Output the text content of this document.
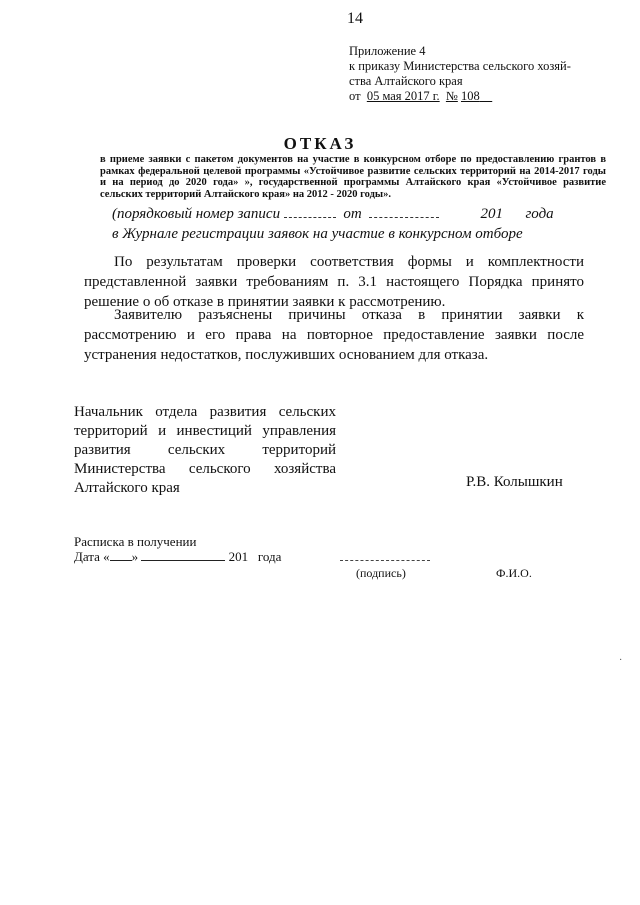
14
Приложение 4
к приказу Министерства сельского хозяй-
ства Алтайского края
от 05 мая 2017 г. № 108
ОТКАЗ
в приеме заявки с пакетом документов на участие в конкурсном отборе по предоставлению грантов в рамках федеральной целевой программы «Устойчивое развитие сельских территорий на 2014-2017 годы и на период до 2020 года» », государственной программы Алтайского края «Устойчивое развитие сельских территорий Алтайского края» на 2012 - 2020 годы».
(порядковый номер записи	от	201 года
в Журнале регистрации заявок на участие в конкурсном отборе
По результатам проверки соответствия формы и комплектности представленной заявки требованиям п. 3.1 настоящего Порядка принято решение о об отказе в принятии заявки к рассмотрению.
Заявителю разъяснены причины отказа в принятии заявки к рассмотрению и его права на повторное предоставление заявки после устранения недостатков, послуживших основанием для отказа.
Начальник отдела развития сельских территорий и инвестиций управления развития сельских территорий Министерства сельского хозяйства Алтайского края	Р.В. Колышкин
Расписка в получении
Дата « »	201 года
(подпись)	Ф.И.О.
·
